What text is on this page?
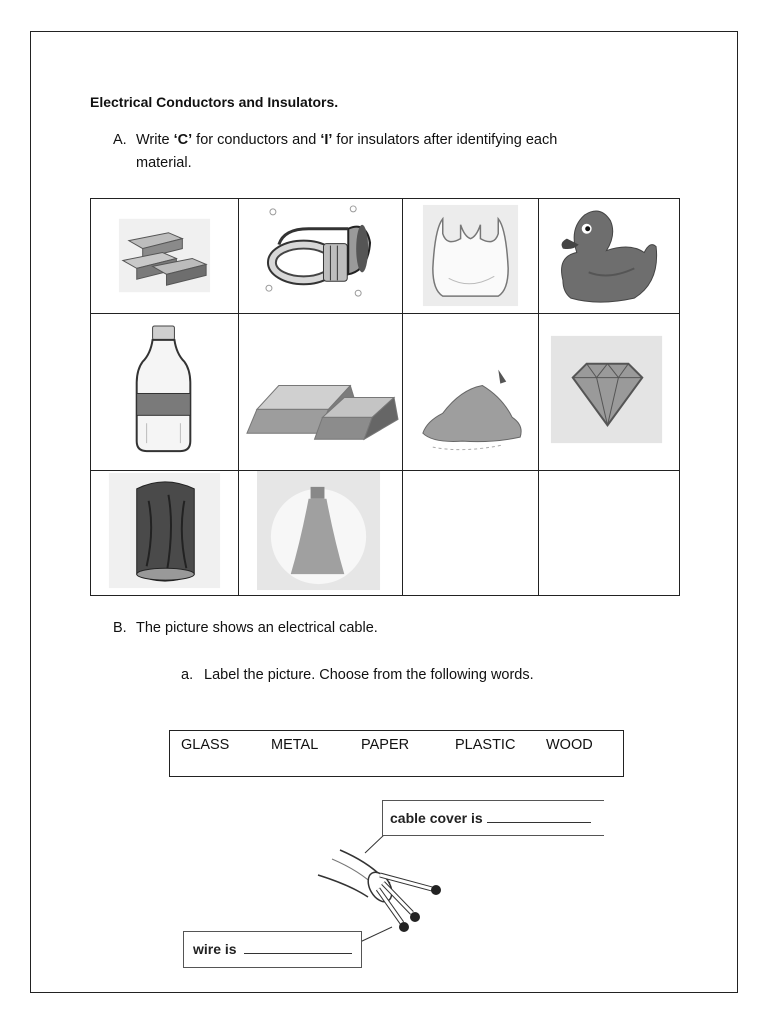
Electrical Conductors and Insulators.
A. Write ‘C’ for conductors and ‘I’ for insulators after identifying each
material.

B. The picture shows an electrical cable.
a. Label the picture. Choose from the following words.
GLASS	METAL	PAPER	PLASTIC WOOD
cable cover is
wire is
